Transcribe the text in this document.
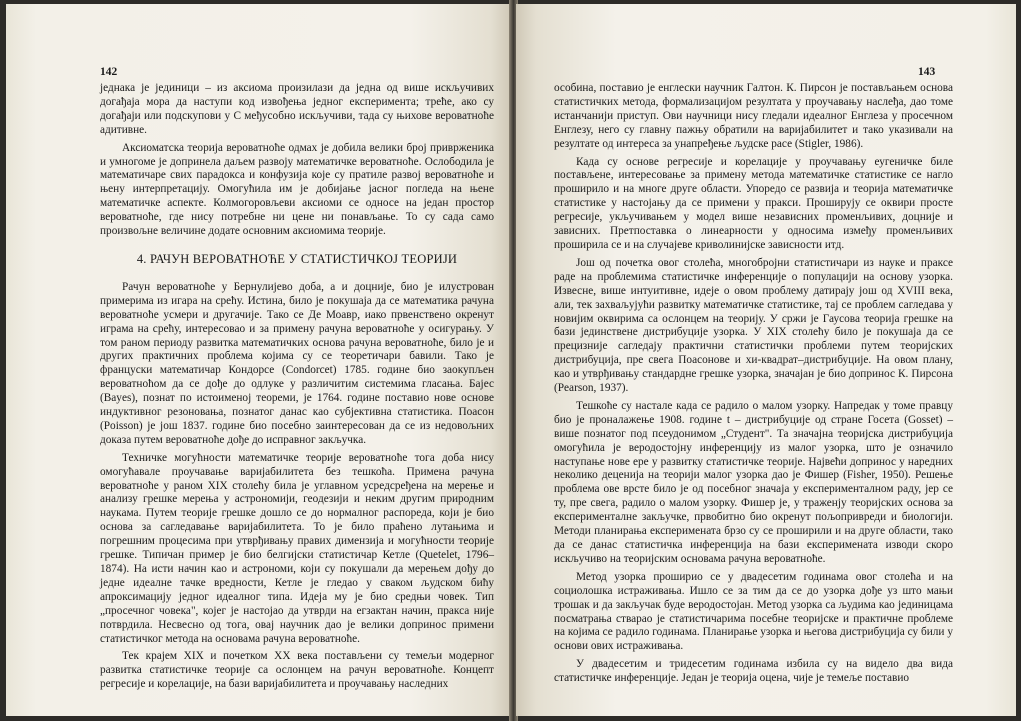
142

једнака је јединици – из аксиома произилази да једна од више искључивих догађаја мора да наступи код извођења једног експеримента; треће, ако су догађаји или подскупови у С међусобно искључиви, тада су њихове вероватноће адитивне.

Аксиоматска теорија вероватноће одмах је добила велики број привржeника и умногоме је допринела даљем развоју математичке вероватноће. Ослободила је математичаре свих парадокса и конфузија које су пратиле развој вероватноће и њену интерпретацију. Омогућила им је добијање јасног погледа на њене математичке аспекте. Колмогоровљеви аксиоми се односе на један простор вероватноће, где нису потребне ни цене ни понављање. То су сада само произвољне величине додате основним аксиомима теорије.

4. РАЧУН ВЕРОВАТНОЋЕ У СТАТИСТИЧКОЈ ТЕОРИЈИ

Рачун вероватноће у Бернулијево доба, а и доцније, био је илустрован примерима из игара на срећу. Истина, било је покушаја да се математика рачуна вероватноће усмери и другачије. Тако се Де Моавр, иако првенствено окренут играма на срећу, интересовао и за примену рачуна вероватноће у осигурању. У том раном периоду развитка математичких основа рачуна вероватноће, било је и других практичних проблема којима су се теоретичари бавили. Тако је француски математичар Кондорсе (Condorcet) 1785. године био заокупљен вероватноћом да се дође до одлуке у различитим системима гласања. Бајес (Bayes), познат по истоименој теореми, је 1764. године поставио нове основе индуктивног резоновања, познатог данас као субјективна статистика. Поасон (Poisson) је још 1837. године био посебно заинтересован да се из недовољних доказа путем вероватноће дође до исправног закључка.

Техничке могућности математичке теорије вероватноће тога доба нису омогућавале проучавање варијабилитета без тешкоћа. Примена рачуна вероватноће у раном XIX столећу била је углавном усредсређена на мерење и анализу грешке мерења у астрономији, геодезији и неким другим природним наукама. Путем теорије грешке дошло се до нормалног распореда, који је био основа за сагледавање варијабилитета. То је било праћено лутањима и погрешним процесима при утврђивању правих димензија и могућности теорије грешке. Типичан пример је био белгијски статистичар Кетле (Quetelet, 1796–1874). На исти начин као и астрономи, који су покушали да мерењем дођу до једне идеалне тачке вредности, Кетле је гледао у сваком људском бићу апроксимацију једног идеалног типа. Идеја му је био средњи човек. Тип „просечног човека", којег је настојао да утврди на егзактан начин, пракса није потврдила. Несвесно од тога, овај научник дао је велики допринос примени статистичког метода на основама рачуна вероватноће.

Тек крајем XIX и почетком XX века постављени су темељи модерног развитка статистичке теорије са ослонцем на рачун вероватноће. Концепт регресије и корелације, на бази варијабилитета и проучавању наследних

143

особина, поставио је енглески научник Галтон. К. Пирсон је постављањем основа статистичких метода, формализацијом резултата у проучавању наслеђа, дао томе истанчанији приступ. Ови научници нису гледали идеалног Енглеза у просечном Енглезу, него су главну пажњу обратили на варијабилитет и тако указивали на резултате од интереса за унапређење људске расе (Stigler, 1986).

Када су основе регресије и корелације у проучавању еугеничке биле постављене, интересовање за примену метода математичке статистике се нагло проширило и на многе друге области. Упоредо се развија и теорија математичке статистике у настојању да се примени у пракси. Проширују се оквири просте регресије, укључивањем у модел више независних променљивих, доцније и зависних. Претпоставка о линеарности у односима између променљивих проширила се и на случајеве криволинијске зависности итд.

Још од почетка овог столећа, многобројни статистичари из науке и праксе раде на проблемима статистичке инференције о популацији на основу узорка. Извесне, више интуитивне, идеје о овом проблему датирају још од XVIII века, али, тек захваљујући развитку математичке статистике, тај се проблем сагледава у новијим оквирима са ослонцем на теорију. У сржи је Гаусова теорија грешке на бази јединствене дистрибуције узорка. У XIX столећу било је покушаја да се прецизније сагледају практични статистички проблеми путем теоријских дистрибуција, пре свега Поасонове и хи-квадрат–дистрибуције. На овом плану, као и утврђивању стандардне грешке узорка, значајан је био допринос К. Пирсона (Pearson, 1937).

Тешкоће су настале када се радило о малом узорку. Напредак у томе правцу био је проналажење 1908. године t – дистрибуције од стране Госета (Gosset) – више познатог под псеудонимом „Студент". Та значајна теоријска дистрибуција омогућила је веродостојну инференцију из малог узорка, што је означило наступање нове ере у развитку статистичке теорије. Највећи допринос у наредних неколико деценија на теорији малог узорка дао је Фишер (Fisher, 1950). Решење проблема ове врсте било је од посебног значаја у експерименталном раду, јер се ту, пре свега, радило о малом узорку. Фишер је, у траженју теоријских основа за експерименталне закључке, првобитно био окренут пољопривреди и биологији. Методи планирања експеримената брзо су се проширили и на друге области, тако да се данас статистичка инференција на бази експеримената изводи скоро искључиво на теоријским основама рачуна вероватноће.

Метод узорка проширио се у двадесетим годинама овог столећа и на социолошка истраживања. Ишло се за тим да се до узорка дође уз што мањи трошак и да закључак буде веродостојан. Метод узорка са људима као јединицама посматрања стварао је статистичарима посебне теоријске и практичне проблеме на којима се радило годинама. Планирање узорка и његова дистрибуција су били у основи ових истраживања.

У двадесетим и тридесетим годинама избила су на видело два вида статистичке инференције. Један је теорија оцена, чије је темеље поставио
